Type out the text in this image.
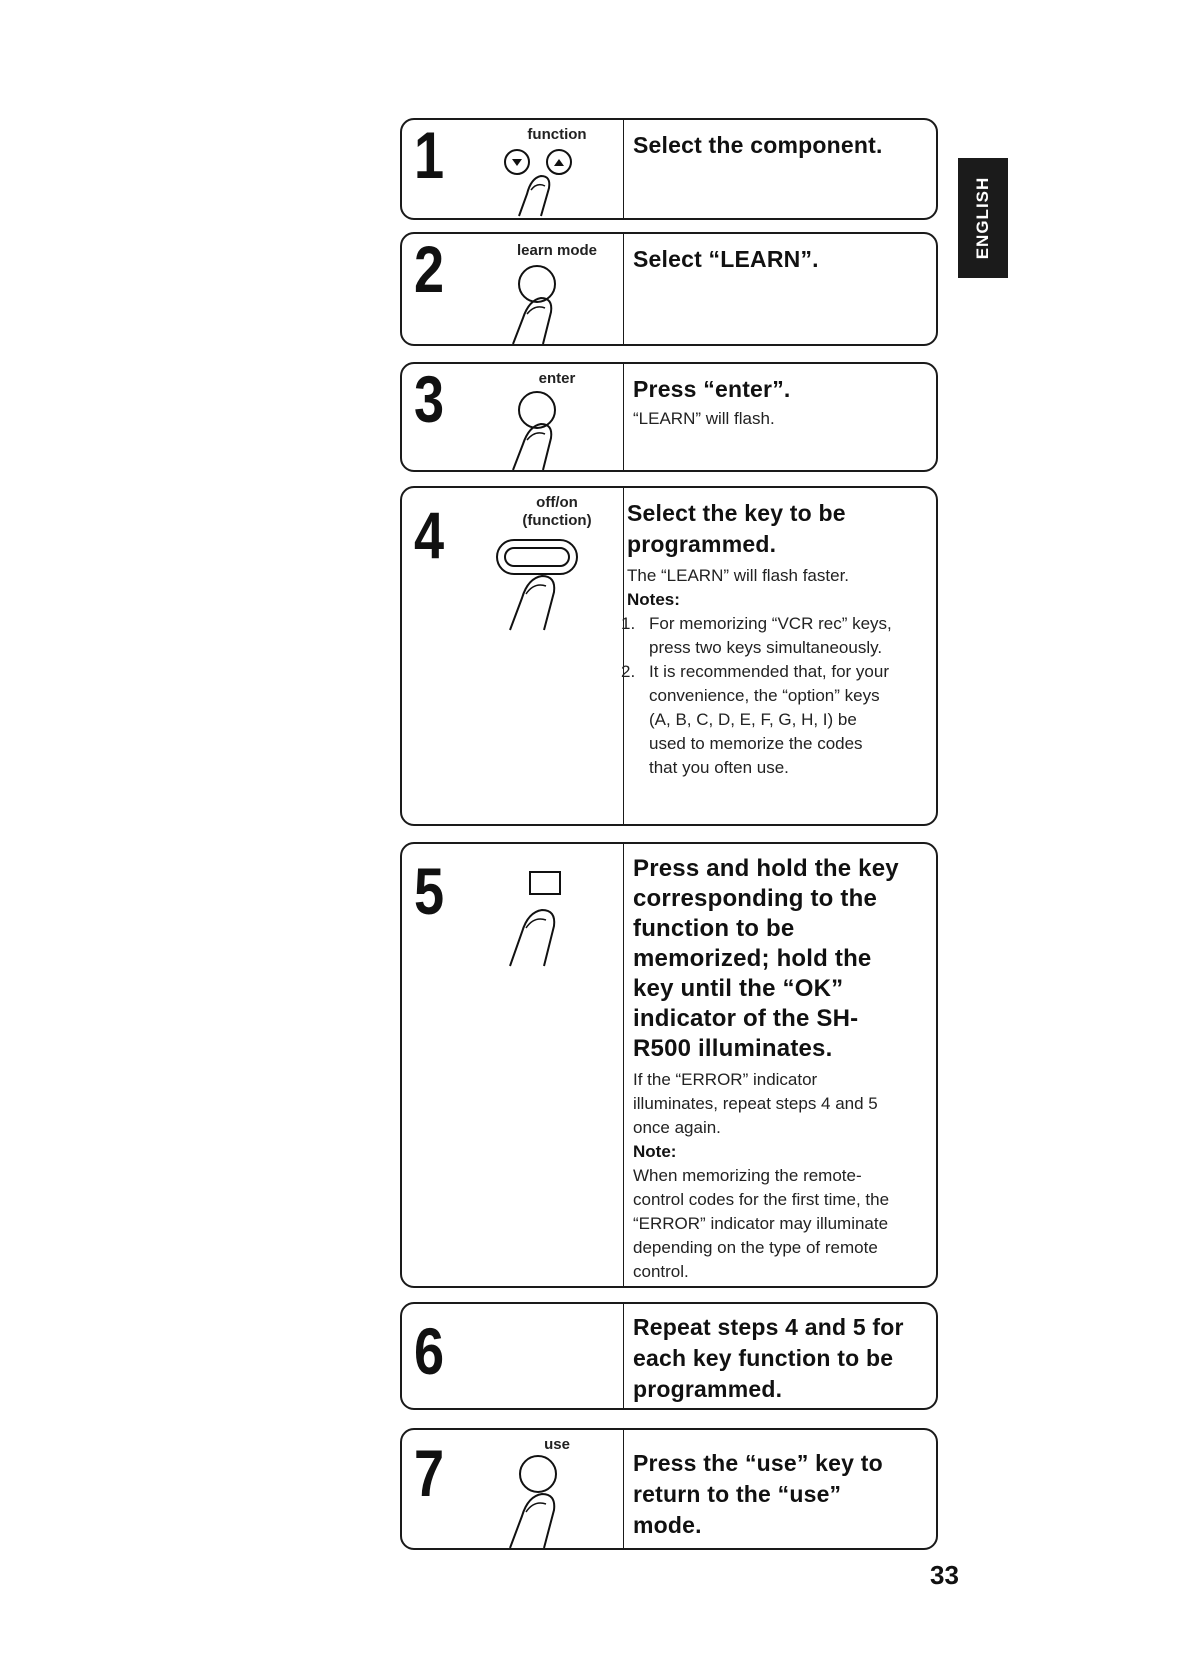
ENGLISH
1	function	Select the component.
2	learn mode	Select “LEARN”.
3	enter	Press “enter”.
“LEARN” will flash.
4	off/on
(function)	Select the key to be programmed.
The “LEARN” will flash faster.
Notes:
1. For memorizing “VCR rec” keys, press two keys simultaneously.
2. It is recommended that, for your convenience, the “option” keys (A, B, C, D, E, F, G, H, I) be used to memorize the codes that you often use.
5	Press and hold the key corresponding to the function to be memorized; hold the key until the “OK” indicator of the SH-R500 illuminates.
If the “ERROR” indicator illuminates, repeat steps 4 and 5 once again.
Note:
When memorizing the remote-control codes for the first time, the “ERROR” indicator may illuminate depending on the type of remote control.
6	Repeat steps 4 and 5 for each key function to be programmed.
7	use
Press the “use” key to return to the “use” mode.
33
